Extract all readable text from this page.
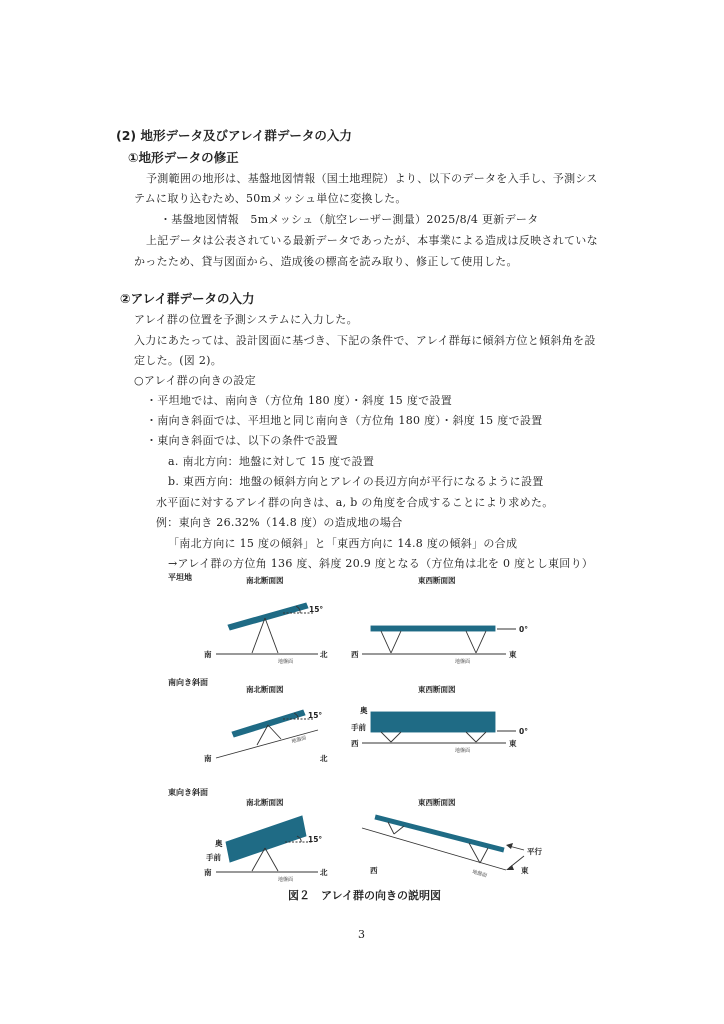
(2) 地形データ及びアレイ群データの入力
①地形データの修正
予測範囲の地形は、基盤地図情報（国土地理院）より、以下のデータを入手し、予測シス
テムに取り込むため、50mメッシュ単位に変換した。
・基盤地図情報　5mメッシュ（航空レーザー測量）2025/8/4 更新データ
上記データは公表されている最新データであったが、本事業による造成は反映されていな
かったため、貸与図面から、造成後の標高を読み取り、修正して使用した。
②アレイ群データの入力
アレイ群の位置を予測システムに入力した。
入力にあたっては、設計図面に基づき、下記の条件で、アレイ群毎に傾斜方位と傾斜角を設
定した。(図 2)。
○アレイ群の向きの設定
・平坦地では、南向き（方位角 180 度）・斜度 15 度で設置
・南向き斜面では、平坦地と同じ南向き（方位角 180 度）・斜度 15 度で設置
・東向き斜面では、以下の条件で設置
a. 南北方向：地盤に対して 15 度で設置
b. 東西方向：地盤の傾斜方向とアレイの長辺方向が平行になるように設置
水平面に対するアレイ群の向きは、a, b の角度を合成することにより求めた。
例：東向き 26.32%（14.8 度）の造成地の場合
「南北方向に 15 度の傾斜」と「東西方向に 14.8 度の傾斜」の合成
→アレイ群の方位角 136 度、斜度 20.9 度となる（方位角は北を 0 度とし東回り）
平坦地	南北断面図	東西断面図
南	北
15°
地盤面
西	東
0°
地盤面
南向き斜面
南北断面図	東西断面図
南	北
15°
地盤面
奥
手前
西	東
0°
地盤面
東向き斜面
南北断面図	東西断面図
奥
手前
南	北
15°
地盤面
平行
西	東
地盤面
図２　アレイ群の向きの説明図
3
